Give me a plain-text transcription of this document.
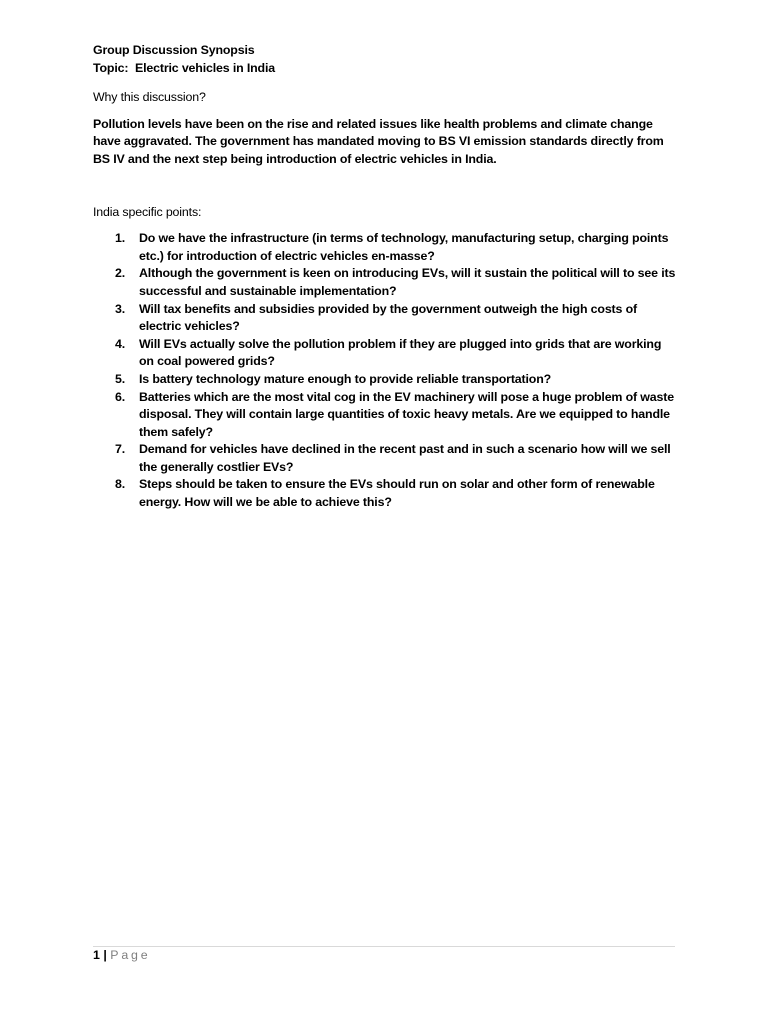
Group Discussion Synopsis
Topic: Electric vehicles in India
Why this discussion?
Pollution levels have been on the rise and related issues like health problems and climate change have aggravated. The government has mandated moving to BS VI emission standards directly from BS IV and the next step being introduction of electric vehicles in India.
India specific points:
1. Do we have the infrastructure (in terms of technology, manufacturing setup, charging points etc.) for introduction of electric vehicles en-masse?
2. Although the government is keen on introducing EVs, will it sustain the political will to see its successful and sustainable implementation?
3. Will tax benefits and subsidies provided by the government outweigh the high costs of electric vehicles?
4. Will EVs actually solve the pollution problem if they are plugged into grids that are working on coal powered grids?
5. Is battery technology mature enough to provide reliable transportation?
6. Batteries which are the most vital cog in the EV machinery will pose a huge problem of waste disposal. They will contain large quantities of toxic heavy metals. Are we equipped to handle them safely?
7. Demand for vehicles have declined in the recent past and in such a scenario how will we sell the generally costlier EVs?
8. Steps should be taken to ensure the EVs should run on solar and other form of renewable energy. How will we be able to achieve this?
1 | Page
